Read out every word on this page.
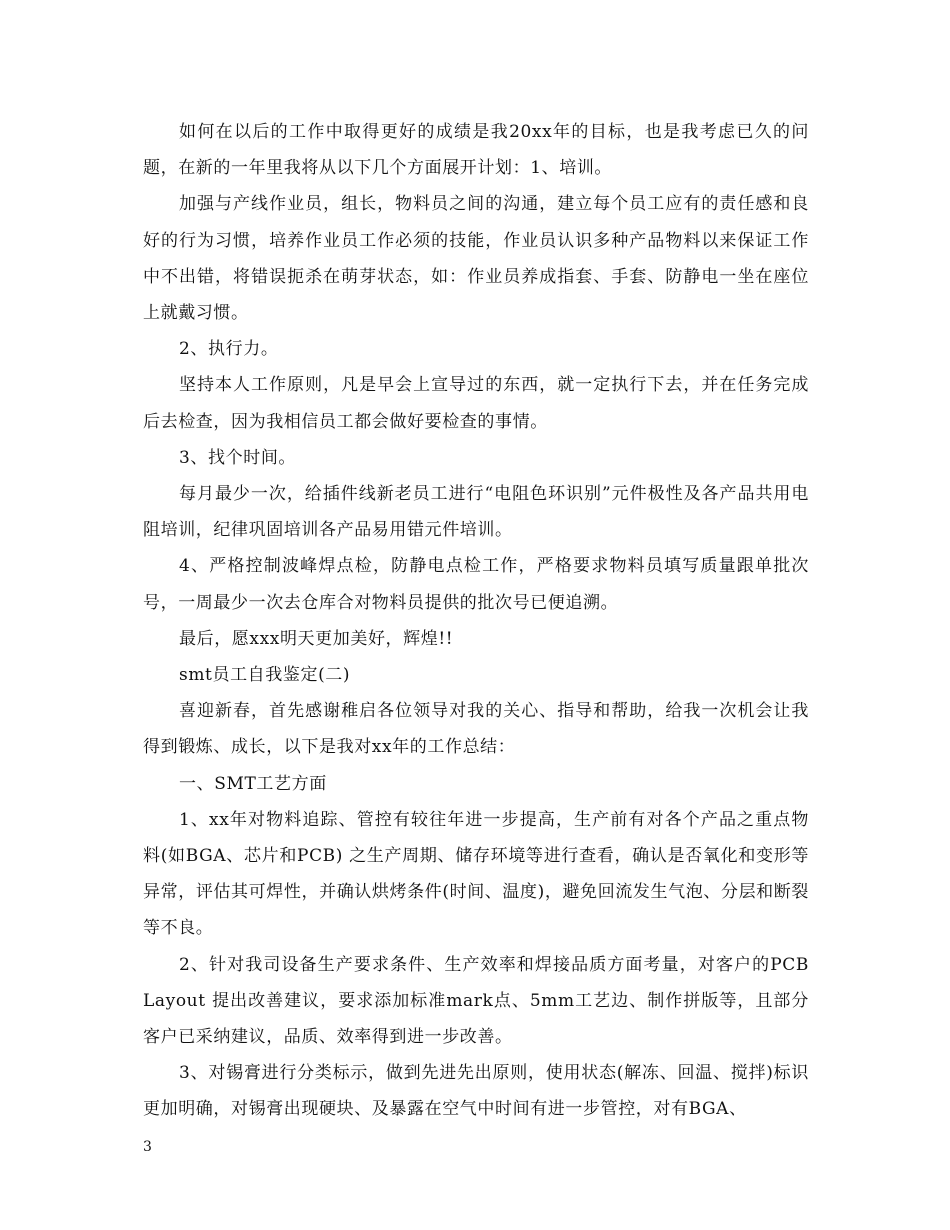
如何在以后的工作中取得更好的成绩是我20xx年的目标，也是我考虑已久的问题，在新的一年里我将从以下几个方面展开计划：1、培训。

加强与产线作业员，组长，物料员之间的沟通，建立每个员工应有的责任感和良好的行为习惯，培养作业员工作必须的技能，作业员认识多种产品物料以来保证工作中不出错，将错误扼杀在萌芽状态，如：作业员养成指套、手套、防静电一坐在座位上就戴习惯。

2、执行力。

坚持本人工作原则，凡是早会上宣导过的东西，就一定执行下去，并在任务完成后去检查，因为我相信员工都会做好要检查的事情。

3、找个时间。

每月最少一次，给插件线新老员工进行“电阻色环识别”元件极性及各产品共用电阻培训，纪律巩固培训各产品易用错元件培训。

4、严格控制波峰焊点检，防静电点检工作，严格要求物料员填写质量跟单批次号，一周最少一次去仓库合对物料员提供的批次号已便追溯。

最后，愿xxx明天更加美好，辉煌!!

smt员工自我鉴定(二)

喜迎新春，首先感谢稚启各位领导对我的关心、指导和帮助，给我一次机会让我得到锻炼、成长，以下是我对xx年的工作总结：

一、SMT工艺方面

1、xx年对物料追踪、管控有较往年进一步提高，生产前有对各个产品之重点物料(如BGA、芯片和PCB) 之生产周期、储存环境等进行查看，确认是否氧化和变形等异常，评估其可焊性，并确认烘烤条件(时间、温度)，避免回流发生气泡、分层和断裂等不良。

2、针对我司设备生产要求条件、生产效率和焊接品质方面考量，对客户的PCB Layout 提出改善建议，要求添加标准mark点、5mm工艺边、制作拼版等，且部分客户已采纳建议，品质、效率得到进一步改善。

3、对锡膏进行分类标示，做到先进先出原则，使用状态(解冻、回温、搅拌)标识更加明确，对锡膏出现硬块、及暴露在空气中时间有进一步管控，对有BGA、

3
